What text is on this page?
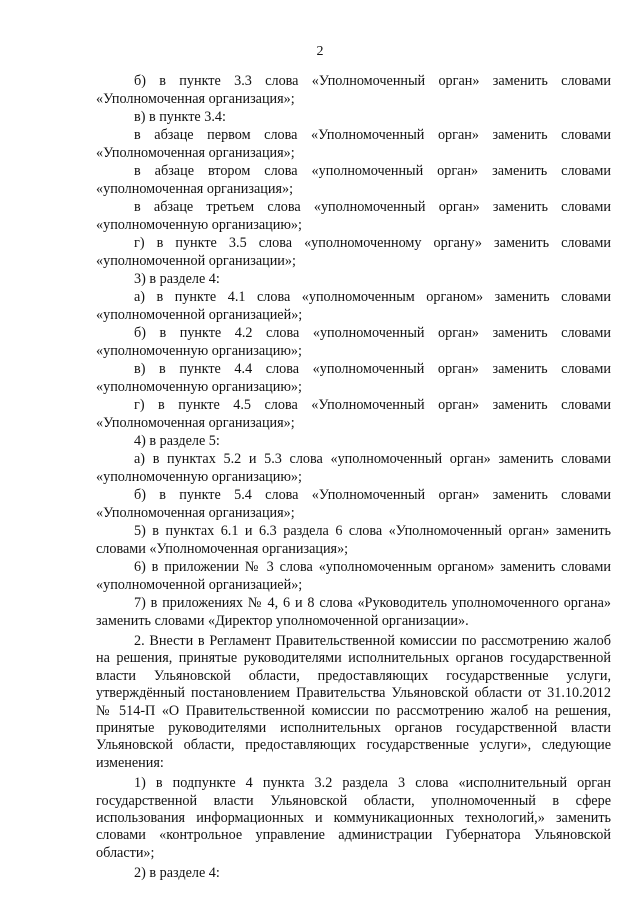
2

б) в пункте 3.3 слова «Уполномоченный орган» заменить словами «Уполномоченная организация»;

в) в пункте 3.4:

в абзаце первом слова «Уполномоченный орган» заменить словами «Уполномоченная организация»;

в абзаце втором слова «уполномоченный орган» заменить словами «уполномоченная организация»;

в абзаце третьем слова «уполномоченный орган» заменить словами «уполномоченную организацию»;

г) в пункте 3.5 слова «уполномоченному органу» заменить словами «уполномоченной организации»;

3) в разделе 4:

а) в пункте 4.1 слова «уполномоченным органом» заменить словами «уполномоченной организацией»;

б) в пункте 4.2 слова «уполномоченный орган» заменить словами «уполномоченную организацию»;

в) в пункте 4.4 слова «уполномоченный орган» заменить словами «уполномоченную организацию»;

г) в пункте 4.5 слова «Уполномоченный орган» заменить словами «Уполномоченная организация»;

4) в разделе 5:

а) в пунктах 5.2 и 5.3 слова «уполномоченный орган» заменить словами «уполномоченную организацию»;

б) в пункте 5.4 слова «Уполномоченный орган» заменить словами «Уполномоченная организация»;

5) в пунктах 6.1 и 6.3 раздела 6 слова «Уполномоченный орган» заменить словами «Уполномоченная организация»;

6) в приложении № 3 слова «уполномоченным органом» заменить словами «уполномоченной организацией»;

7) в приложениях № 4, 6 и 8 слова «Руководитель уполномоченного органа» заменить словами «Директор уполномоченной организации».

2. Внести в Регламент Правительственной комиссии по рассмотрению жалоб на решения, принятые руководителями исполнительных органов государственной власти Ульяновской области, предоставляющих государственные услуги, утверждённый постановлением Правительства Ульяновской области от 31.10.2012 № 514-П «О Правительственной комиссии по рассмотрению жалоб на решения, принятые руководителями исполнительных органов государственной власти Ульяновской области, предоставляющих государственные услуги», следующие изменения:

1) в подпункте 4 пункта 3.2 раздела 3 слова «исполнительный орган государственной власти Ульяновской области, уполномоченный в сфере использования информационных и коммуникационных технологий,» заменить словами «контрольное управление администрации Губернатора Ульяновской области»;

2) в разделе 4:
